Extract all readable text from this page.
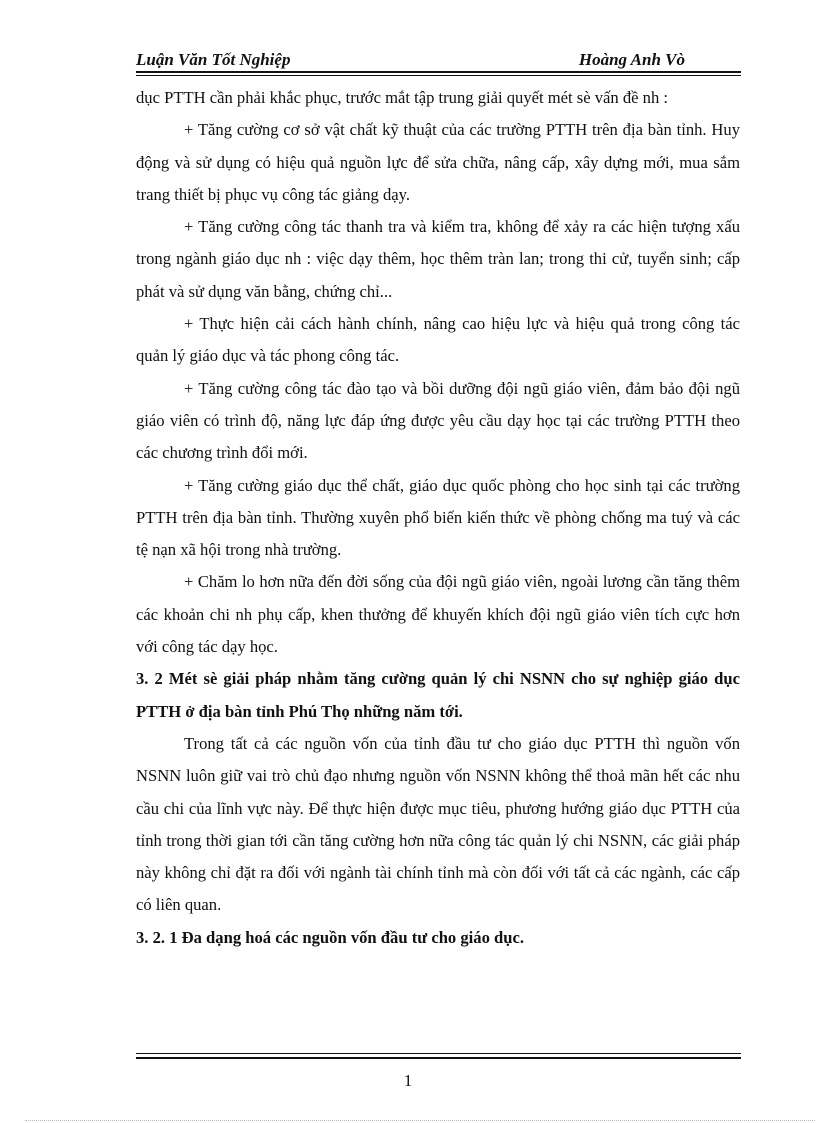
Luận Văn Tốt Nghiệp	Hoàng Anh Vò

dục PTTH cần phải khắc phục, trước mắt tập trung giải quyết mét sè vấn đề nh :

+ Tăng cường cơ sở vật chất kỹ thuật của các trường PTTH trên địa bàn tỉnh. Huy động và sử dụng có hiệu quả nguồn lực để sửa chữa, nâng cấp, xây dựng mới, mua sắm trang thiết bị phục vụ công tác giảng dạy.

+ Tăng cường công tác thanh tra và kiểm tra, không để xảy ra các hiện tượng xấu trong ngành giáo dục nh : việc dạy thêm, học thêm tràn lan; trong thi cử, tuyển sinh; cấp phát và sử dụng văn bằng, chứng chỉ...

+ Thực hiện cải cách hành chính, nâng cao hiệu lực và hiệu quả trong công tác quản lý giáo dục và tác phong công tác.

+ Tăng cường công tác đào tạo và bồi dưỡng đội ngũ giáo viên, đảm bảo đội ngũ giáo viên có trình độ, năng lực đáp ứng được yêu cầu dạy học tại các trường PTTH theo các chương trình đổi mới.

+ Tăng cường giáo dục thể chất, giáo dục quốc phòng cho học sinh tại các trường PTTH trên địa bàn tỉnh. Thường xuyên phổ biến kiến thức về phòng chống ma tuý và các tệ nạn xã hội trong nhà trường.

+ Chăm lo hơn nữa đến đời sống của đội ngũ giáo viên, ngoài lương cần tăng thêm các khoản chi nh phụ cấp, khen thưởng để khuyến khích đội ngũ giáo viên tích cực hơn với công tác dạy học.

3. 2 Mét sè giải pháp nhằm tăng cường quản lý chi NSNN cho sự nghiệp giáo dục PTTH ở địa bàn tỉnh Phú Thọ những năm tới.

Trong tất cả các nguồn vốn của tỉnh đầu tư cho giáo dục PTTH thì nguồn vốn NSNN luôn giữ vai trò chủ đạo nhưng nguồn vốn NSNN không thể thoả mãn hết các nhu cầu chi của lĩnh vực này. Để thực hiện được mục tiêu, phương hướng giáo dục PTTH của tỉnh trong thời gian tới cần tăng cường hơn nữa công tác quản lý chi NSNN, các giải pháp này không chỉ đặt ra đối với ngành tài chính tỉnh mà còn đối với tất cả các ngành, các cấp có liên quan.

3. 2. 1 Đa dạng hoá các nguồn vốn đầu tư cho giáo dục.

1
